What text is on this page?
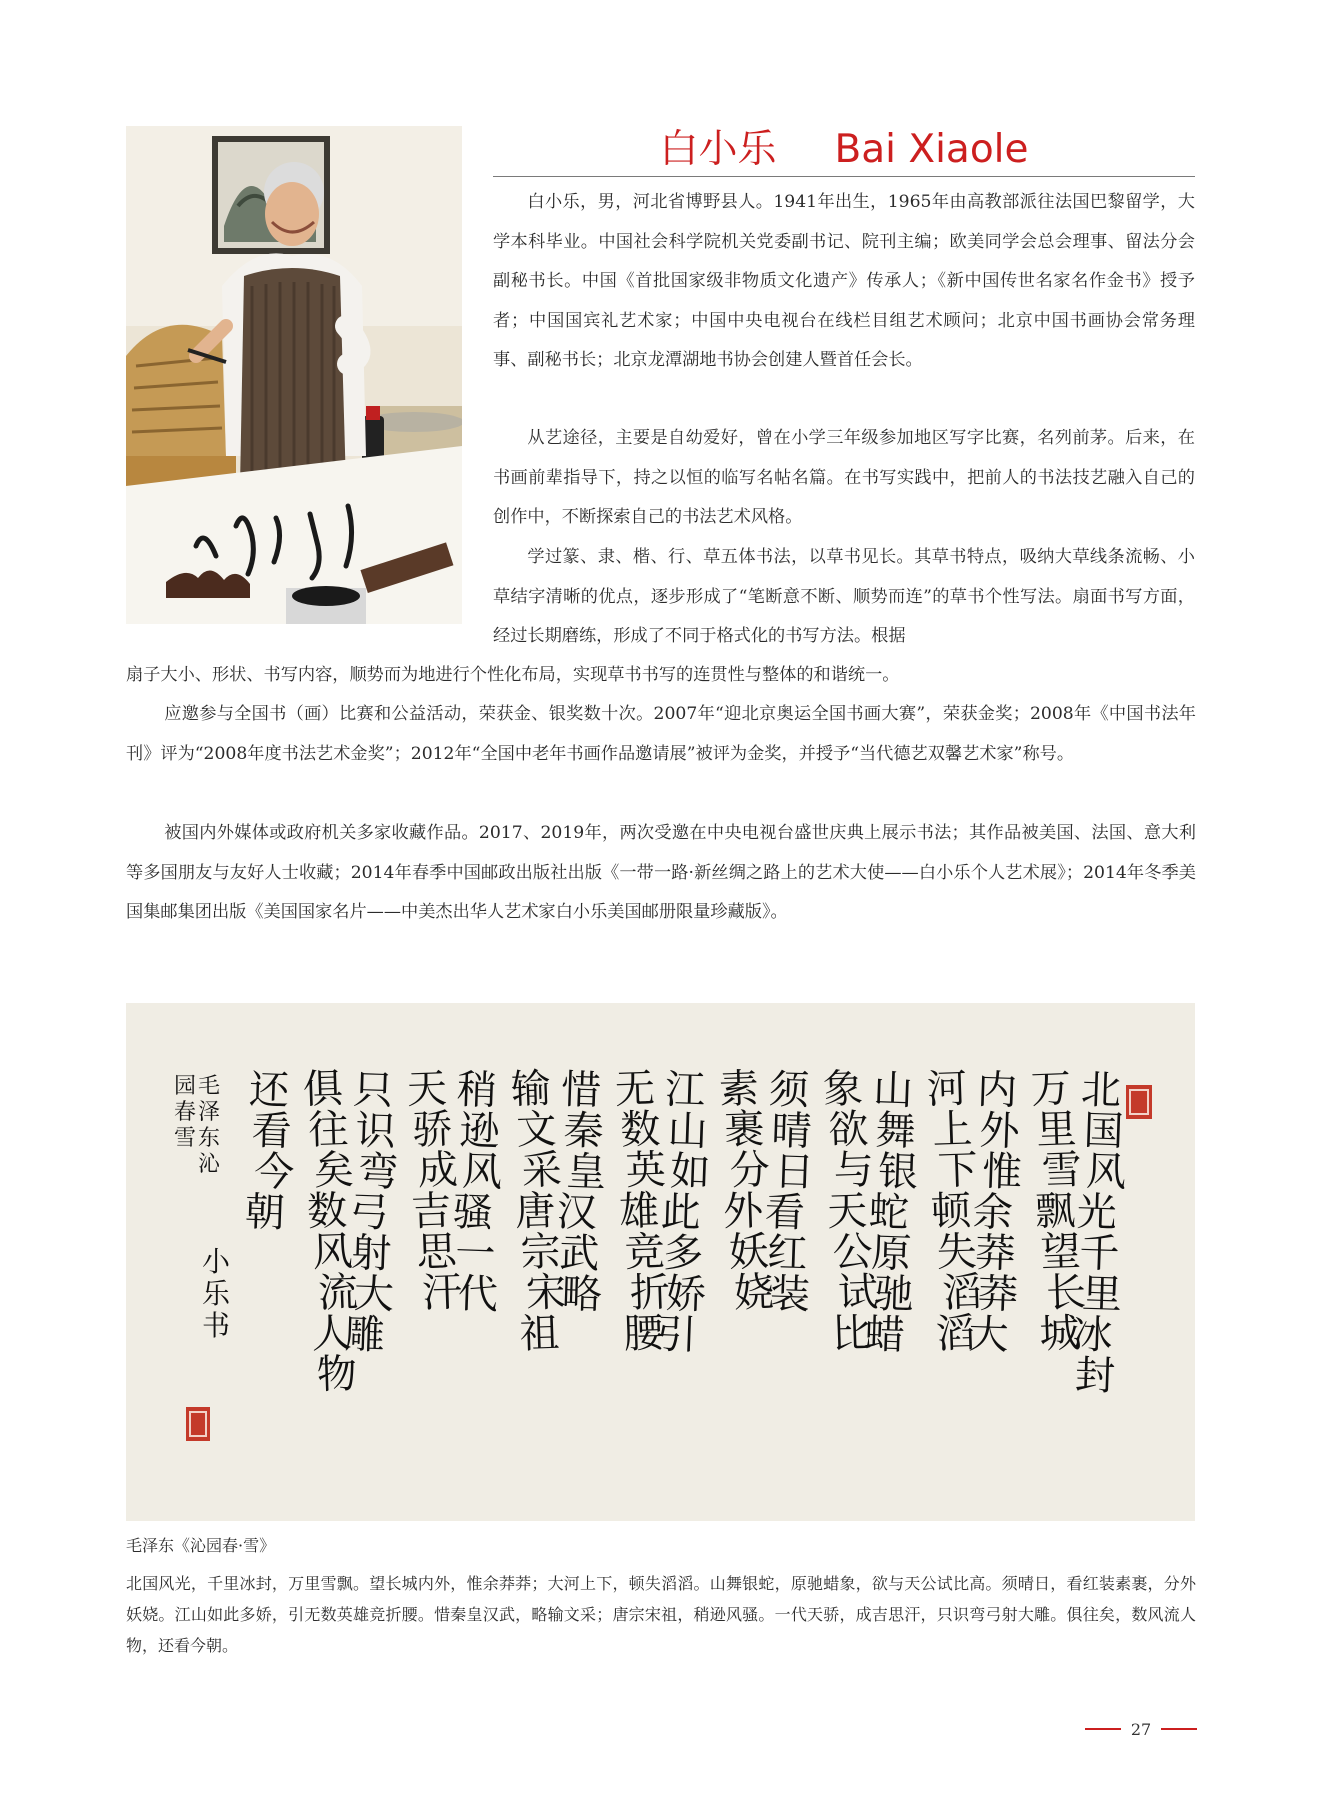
白小乐 Bai Xiaole

白小乐，男，河北省博野县人。1941年出生，1965年由高教部派往法国巴黎留学，大学本科毕业。中国社会科学院机关党委副书记、院刊主编；欧美同学会总会理事、留法分会副秘书长。中国《首批国家级非物质文化遗产》传承人；《新中国传世名家名作金书》授予者；中国国宾礼艺术家；中国中央电视台在线栏目组艺术顾问；北京中国书画协会常务理事、副秘书长；北京龙潭湖地书协会创建人暨首任会长。

从艺途径，主要是自幼爱好，曾在小学三年级参加地区写字比赛，名列前茅。后来，在书画前辈指导下，持之以恒的临写名帖名篇。在书写实践中，把前人的书法技艺融入自己的创作中，不断探索自己的书法艺术风格。

学过篆、隶、楷、行、草五体书法，以草书见长。其草书特点，吸纳大草线条流畅、小草结字清晰的优点，逐步形成了“笔断意不断、顺势而连”的草书个性写法。扇面书写方面，经过长期磨练，形成了不同于格式化的书写方法。根据

扇子大小、形状、书写内容，顺势而为地进行个性化布局，实现草书书写的连贯性与整体的和谐统一。

应邀参与全国书（画）比赛和公益活动，荣获金、银奖数十次。2007年“迎北京奥运全国书画大赛”，荣获金奖；2008年《中国书法年刊》评为“2008年度书法艺术金奖”；2012年“全国中老年书画作品邀请展”被评为金奖，并授予“当代德艺双馨艺术家”称号。

被国内外媒体或政府机关多家收藏作品。2017、2019年，两次受邀在中央电视台盛世庆典上展示书法；其作品被美国、法国、意大利等多国朋友与友好人士收藏；2014年春季中国邮政出版社出版《一带一路·新丝绸之路上的艺术大使——白小乐个人艺术展》；2014年冬季美国集邮集团出版《美国国家名片——中美杰出华人艺术家白小乐美国邮册限量珍藏版》。

北国风光千里冰封
万里雪飘望长城
内外惟余莽莽大
河上下顿失滔滔
山舞银蛇原驰蜡
象欲与天公试比
须晴日看红装
素裹分外妖娆
江山如此多娇引
无数英雄竞折腰
惜秦皇汉武略
输文采唐宗宋祖
稍逊风骚一代
天骄成吉思汗
只识弯弓射大雕
俱往矣数风流人物
还看今朝
毛泽东沁园春雪
小乐书

毛泽东《沁园春·雪》

北国风光，千里冰封，万里雪飘。望长城内外，惟余莽莽；大河上下，顿失滔滔。山舞银蛇，原驰蜡象，欲与天公试比高。须晴日，看红装素裹，分外妖娆。江山如此多娇，引无数英雄竞折腰。惜秦皇汉武，略输文采；唐宗宋祖，稍逊风骚。一代天骄，成吉思汗，只识弯弓射大雕。俱往矣，数风流人物，还看今朝。

27
